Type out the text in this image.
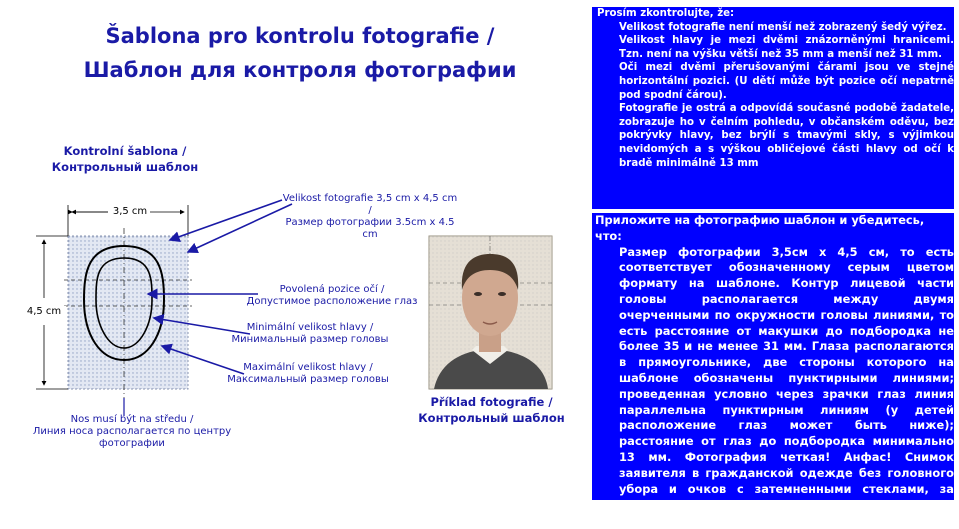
Šablona pro kontrolu fotografie /
Шаблон для контроля фотографии
Kontrolní šablona /
Контрольный шаблон
3,5 cm
4,5 cm
Velikost fotografie 3,5 cm x 4,5 cm /
Размер фотографии 3.5cm x 4.5 cm
Povolená pozice očí /
Допустимое расположение глаз
Minimální velikost hlavy /
Минимальный размер головы
Maximální velikost hlavy /
Максимальный размер головы
Nos musí být na středu /
Линия носа располагается по центру фотографии
Příklad fotografie /
Контрольный шаблон

Prosím zkontrolujte, že:

Velikost fotografie není menší než zobrazený šedý výřez.

Velikost hlavy je mezi dvěmi znázorněnými hranicemi. Tzn. není na výšku větší než 35 mm a menší než 31 mm.

Oči mezi dvěmi přerušovanými čárami jsou ve stejné horizontální pozici. (U dětí může být pozice očí nepatrně pod spodní čárou).

Fotografie je ostrá a odpovídá současné podobě žadatele, zobrazuje ho v čelním pohledu, v občanském oděvu, bez pokrývky hlavy, bez brýlí s tmavými skly, s výjimkou nevidomých a s výškou obličejové části hlavy od očí k bradě minimálně 13 mm

Приложите на фотографию шаблон и убедитесь, что:

Размер фотографии 3,5см х 4,5 см, то есть соответствует обозначенному серым цветом формату на шаблоне. Контур лицевой части головы располагается между двумя очерченными по окружности головы линиями, то есть расстояние от макушки до подбородка не более 35 и не менее 31 мм. Глаза располагаются в прямоугольнике, две стороны которого на шаблоне обозначены пунктирными линиями; проведенная условно через зрачки глаз линия параллельна пунктирным линиям (у детей расположение глаз может быть ниже); расстояние от глаз до подбородка минимально 13 мм. Фотография четкая! Анфас! Снимок заявителя в гражданской одежде без головного убора и очков с затемненными стеклами, за исключением незрячих, соответствует его современному внешнему виду.
